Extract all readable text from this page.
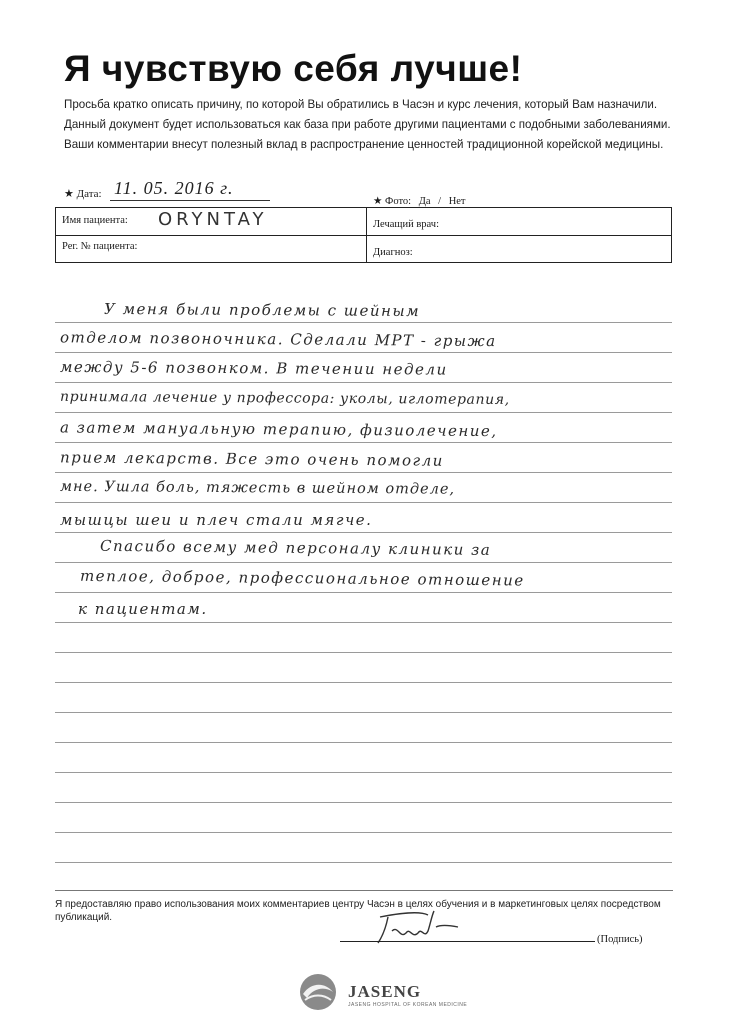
Я чувствую себя лучше!

Просьба кратко описать причину, по которой Вы обратились в Часэн и курс лечения, который Вам назначили.

Данный документ будет использоваться как база при работе другими пациентами с подобными заболеваниями.

Ваши комментарии внесут полезный вклад в распространение ценностей традиционной корейской медицины.

★ Дата: 11. 05. 2016 г.
★ Фото: Да / Нет
Имя пациента: ORYNTAY	Лечащий врач:
Рег. № пациента:
Диагноз:
У меня были проблемы с шейным
отделом позвоночника. Сделали МРТ - грыжа
между 5-6 позвонком. В течении недели
принимала лечение у профессора: уколы, иглотерапия,
а затем мануальную терапию, физиолечение,
прием лекарств. Все это очень помогли
мне. Ушла боль, тяжесть в шейном отделе,
мышцы шеи и плеч стали мягче.
Спасибо всему мед персоналу клиники за
теплое, доброе, профессиональное отношение
к пациентам.
Я предоставляю право использования моих комментариев центру Часэн в целях обучения и в маркетинговых целях посредством публикаций.
(Подпись)
JASENG
JASENG HOSPITAL OF KOREAN MEDICINE
